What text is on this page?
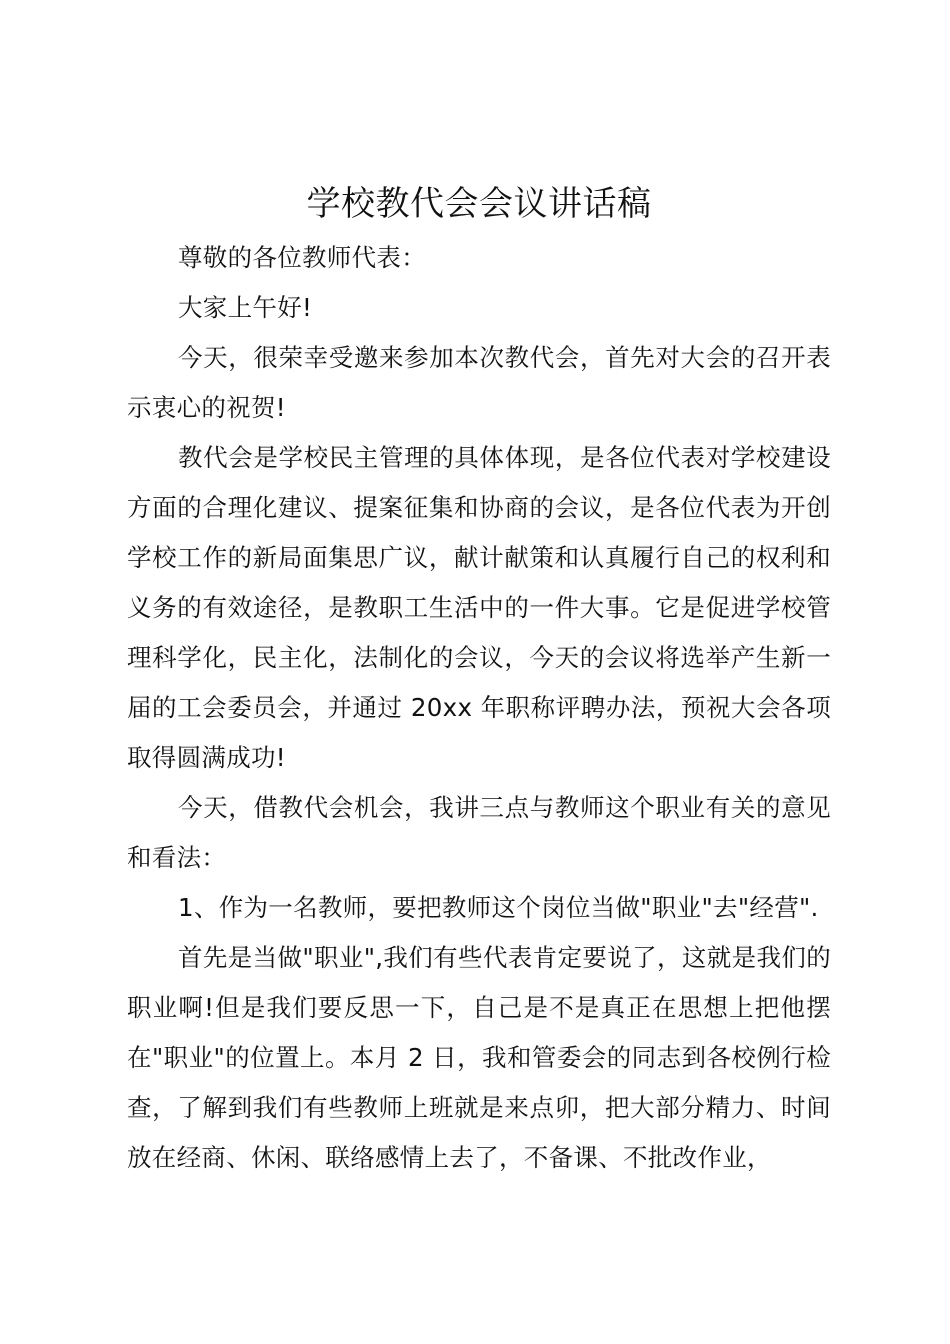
学校教代会会议讲话稿

尊敬的各位教师代表：

大家上午好!

今天，很荣幸受邀来参加本次教代会，首先对大会的召开表示衷心的祝贺!

教代会是学校民主管理的具体体现，是各位代表对学校建设方面的合理化建议、提案征集和协商的会议，是各位代表为开创学校工作的新局面集思广议，献计献策和认真履行自己的权利和义务的有效途径，是教职工生活中的一件大事。它是促进学校管理科学化，民主化，法制化的会议，今天的会议将选举产生新一届的工会委员会，并通过 20xx 年职称评聘办法，预祝大会各项取得圆满成功!

今天，借教代会机会，我讲三点与教师这个职业有关的意见和看法：

1、作为一名教师，要把教师这个岗位当做"职业"去"经营".

首先是当做"职业",我们有些代表肯定要说了，这就是我们的职业啊!但是我们要反思一下，自己是不是真正在思想上把他摆在"职业"的位置上。本月 2 日，我和管委会的同志到各校例行检查，了解到我们有些教师上班就是来点卯，把大部分精力、时间放在经商、休闲、联络感情上去了，不备课、不批改作业，
